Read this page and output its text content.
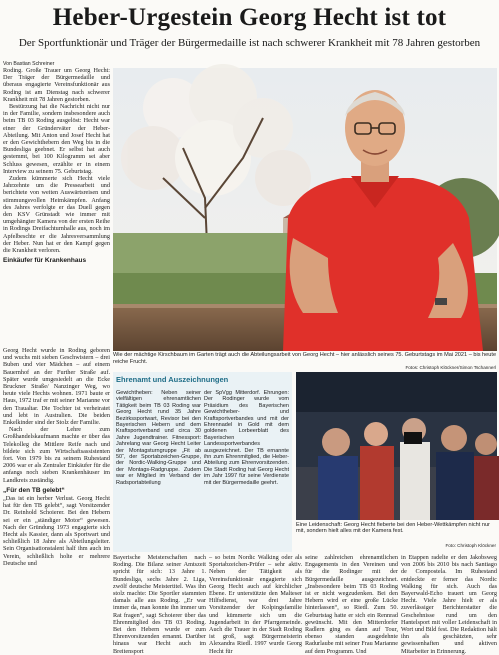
Heber-Urgestein Georg Hecht ist tot
Der Sportfunktionär und Träger der Bürgermedaille ist nach schwerer Krankheit mit 78 Jahren gestorben
Von Bastian Schreiner

Roding. Große Trauer um Georg Hecht: Der Träger der Bürgermedaille und überaus engagierte Vereinsfunktionär aus Roding ist am Dienstag nach schwerer Krankheit mit 78 Jahren gestorben.

Bestürzung hat die Nachricht nicht nur in der Familie, sondern insbesondere auch beim TB 03 Roding ausgelöst: Hecht war einer der Gründerväter der Heber-Abteilung. Mit Anton und Josef Hecht hat er den Gewichthebern den Weg bis in die Bundesliga geebnet. Er selbst hat auch gestemmt, bei 100 Kilogramm sei aber Schluss gewesen, erzählte er in einem Interview zu seinem 75. Geburtstag.

Zudem kümmerte sich Hecht viele Jahrzehnte um die Pressearbeit und berichtete von weiten Auswärtsreisen und stimmungsvollen Heimkämpfen. Anfang des Jahres verfolgte er das Duell gegen den KSV Grünstadt wie immer mit umgehängter Kamera von der ersten Reihe in Rodings Dreifachturnhalle aus, noch im Apfelbeschte er die Jahresversammlung der Heber. Nun hat er den Kampf gegen die Krankheit verloren.

Einkäufer für Krankenhaus

Georg Hecht wurde in Roding geboren und wuchs mit sieben Geschwistern – drei Buben und vier Mädchen – auf einem Bauernhof an der Further Straße auf. Später wurde umgesiedelt an die Ecke Bruckner Straße/ Nanzinger Weg, wo heute viele Hechts wohnen. 1971 baute er Haus, 1972 traf er mit seiner Marianne vor den Traualtar. Die Tochter ist verheiratet und lebt in Australien. Die beiden Enkelkinder sind der Stolz der Familie.

Nach der Lehre zum Großhandelskaufmann machte er über das Telekolleg die Mittlere Reife nach und bildete sich zum Wirtschaftsassistenten fort. Von 1979 bis zu seinem Ruhestand 2006 war er als Zentraler Einkäufer für die anfangs noch sieben Krankenhäuser im Landkreis zuständig.

„Für den TB gelebt“

„Das ist ein herber Verlust. Georg Hecht hat für den TB gelebt“, sagt Vorsitzender Dr. Reinhold Schoierer. Bei den Hebern sei er ein „ständiger Motor“ gewesen. Nach der Gründung 1973 engagierte sich Hecht als Kassier, dann als Sportwart und schließlich 18 Jahre als Abteilungsleiter. Sein Organisationstalent half ihm auch im Verein, schließlich holte er mehrere Deutsche und

Wie der mächtige Kirschbaum im Garten trägt auch die Abteilungsarbeit von Georg Hecht – hier anlässlich seines 75. Geburtstags im Mai 2021 – bis heute reiche Frucht.
Fotos: Christoph Klöckner/Simon Tschannerl
Ehrenamt und Auszeichnungen
Gewichtheben: Neben seiner vielfältigen ehrenamtlichen Tätigkeit beim TB 03 Roding war Georg Hecht rund 35 Jahre Bezirkssportwart, Revisor bei den Bayerischen Hebern und dem Kraftsportverband und circa 30 Jahre Jugendtrainer. Fitnessport: Jahrelang war Georg Hecht Leiter der Montagsturngruppe „Fit ab 50“, der Sportabzeichen-Gruppe, der Nordic-Walking-Gruppe und der Montags-Radgruppe. Zudem war er Mitglied im Verband der Radsportabteilung
der SpVgg Mitterdorf. Ehrungen: Der Rodinger wurde vom Präsidium des Bayerischen Gewichtheber- und Kraftsportverbandes und mit der Ehrennadel in Gold mit dem goldenen Lorbeerblatt des Bayerischen Landessportverbandes ausgezeichnet. Der TB ernannte ihn zum Ehrenmitglied, die Heber-Abteilung zum Ehrenvorsitzenden. Die Stadt Roding hat Georg Hecht im Jahr 1997 für seine Verdienste mit der Bürgermedaille geehrt.
Eine Leidenschaft: Georg Hecht fieberte bei den Heber-Wettkämpfen nicht nur mit, sondern hielt alles mit der Kamera fest.
Foto: Christoph Klöckner
Bayerische Meisterschaften nach Roding. Die Bilanz seiner Amtszeit spricht für sich: 13 Jahre 1. Bundesliga, sechs Jahre 2. Liga, zwölf deutsche Meistertitel. Was ihn stolz machte: Die Sportler stammten damals alle aus Roding. „Er war immer da, man konnte ihn immer um Rat fragen“, sagt Schoierer über das Ehrenmitglied des TB 03 Roding. Bei den Hebern wurde er zum Ehrenvorsitzenden ernannt. Darüber hinaus war Hecht auch im Breitensport
– so beim Nordic Walking oder als Sportabzeichen-Prüfer – sehr aktiv. Neben der Tätigkeit als Vereinsfunktionär engagierte sich Georg Hecht auch auf kirchlicher Ebene. Er unterstützte den Malteser Hilfsdienst, war drei Jahre Vorsitzender der Kolpingsfamilie und kümmerte sich um die Jugendarbeit in der Pfarrgemeinde. Auch die Trauer in der Stadt Roding ist groß, sagt Bürgermeisterin Alexandra Riedl. 1997 wurde Georg Hecht für
seine zahlreichen ehrenamtlichen Engagements in den Vereinen und für die Rodinger mit der Bürgermedaille ausgezeichnet. „Insbesondere beim TB 03 Roding ist er nicht wegzudenken. Bei den Hebern wird er eine große Lücke hinterlassen“, so Riedl. Zum 50. Geburtstag hatte er sich ein Rennrad gewünscht. Mit den Mitterdorfer Radlern ging es dann auf Tour, ebenso standen ausgedehnte Radurlaube mit seiner Frau Marianne auf dem Programm. Und
in Etappen radelte er den Jakobsweg von 2006 bis 2010 bis nach Santiago de Compostela. Im Ruhestand entdeckte er ferner das Nordic Walking für sich. Auch das Bayerwald-Echo trauert um Georg Hecht. Viele Jahre hielt er als zuverlässiger Berichterstatter die Geschehnisse rund um den Hantelsport mit voller Leidenschaft in Wort und Bild fest. Die Redaktion hält ihn als geschätzten, sehr gewissenhaften und aktiven Mitarbeiter in Erinnerung.
